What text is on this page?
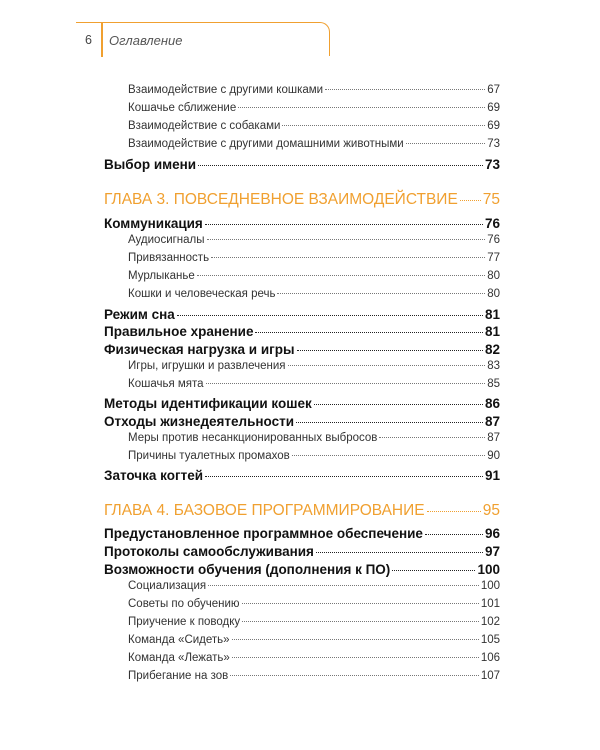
6	Оглавление
Взаимодействие с другими кошками	67
Кошачье сближение	69
Взаимодействие с собаками	69
Взаимодействие с другими домашними животными	73
Выбор имени	73
ГЛАВА 3. ПОВСЕДНЕВНОЕ ВЗАИМОДЕЙСТВИЕ 75
Коммуникация	76
Аудиосигналы	76
Привязанность	77
Мурлыканье	80
Кошки и человеческая речь	80
Режим сна	81
Правильное хранение	81
Физическая нагрузка и игры	82
Игры, игрушки и развлечения	83
Кошачья мята	85
Методы идентификации кошек	86
Отходы жизнедеятельности	87
Меры против несанкционированных выбросов	87
Причины туалетных промахов	90
Заточка когтей	91
ГЛАВА 4. БАЗОВОЕ ПРОГРАММИРОВАНИЕ	95
Предустановленное программное обеспечение	96
Протоколы самообслуживания	97
Возможности обучения (дополнения к ПО)	100
Социализация	100
Советы по обучению	101
Приучение к поводку	102
Команда «Сидеть»	105
Команда «Лежать»	106
Прибегание на зов	107
